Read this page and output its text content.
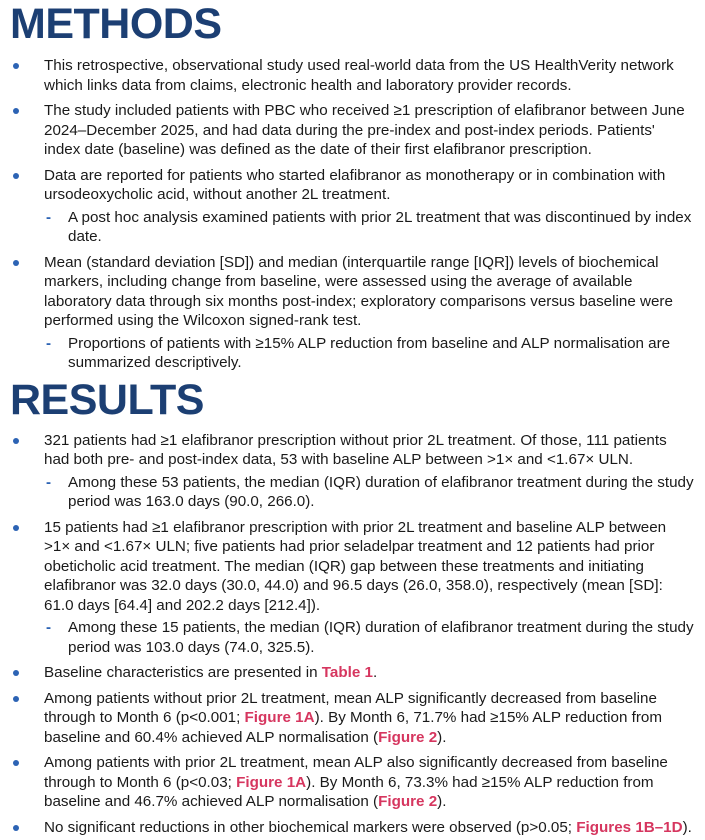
METHODS
This retrospective, observational study used real-world data from the US HealthVerity network which links data from claims, electronic health and laboratory provider records.
The study included patients with PBC who received ≥1 prescription of elafibranor between June 2024–December 2025, and had data during the pre-index and post-index periods. Patients' index date (baseline) was defined as the date of their first elafibranor prescription.
Data are reported for patients who started elafibranor as monotherapy or in combination with ursodeoxycholic acid, without another 2L treatment.
- A post hoc analysis examined patients with prior 2L treatment that was discontinued by index date.
Mean (standard deviation [SD]) and median (interquartile range [IQR]) levels of biochemical markers, including change from baseline, were assessed using the average of available laboratory data through six months post-index; exploratory comparisons versus baseline were performed using the Wilcoxon signed-rank test.
- Proportions of patients with ≥15% ALP reduction from baseline and ALP normalisation are summarized descriptively.
RESULTS
321 patients had ≥1 elafibranor prescription without prior 2L treatment. Of those, 111 patients had both pre- and post-index data, 53 with baseline ALP between >1× and <1.67× ULN.
- Among these 53 patients, the median (IQR) duration of elafibranor treatment during the study period was 163.0 days (90.0, 266.0).
15 patients had ≥1 elafibranor prescription with prior 2L treatment and baseline ALP between >1× and <1.67× ULN; five patients had prior seladelpar treatment and 12 patients had prior obeticholic acid treatment. The median (IQR) gap between these treatments and initiating elafibranor was 32.0 days (30.0, 44.0) and 96.5 days (26.0, 358.0), respectively (mean [SD]: 61.0 days [64.4] and 202.2 days [212.4]).
- Among these 15 patients, the median (IQR) duration of elafibranor treatment during the study period was 103.0 days (74.0, 325.5).
Baseline characteristics are presented in Table 1.
Among patients without prior 2L treatment, mean ALP significantly decreased from baseline through to Month 6 (p<0.001; Figure 1A). By Month 6, 71.7% had ≥15% ALP reduction from baseline and 60.4% achieved ALP normalisation (Figure 2).
Among patients with prior 2L treatment, mean ALP also significantly decreased from baseline through to Month 6 (p<0.03; Figure 1A). By Month 6, 73.3% had ≥15% ALP reduction from baseline and 46.7% achieved ALP normalisation (Figure 2).
No significant reductions in other biochemical markers were observed (p>0.05; Figures 1B–1D).
